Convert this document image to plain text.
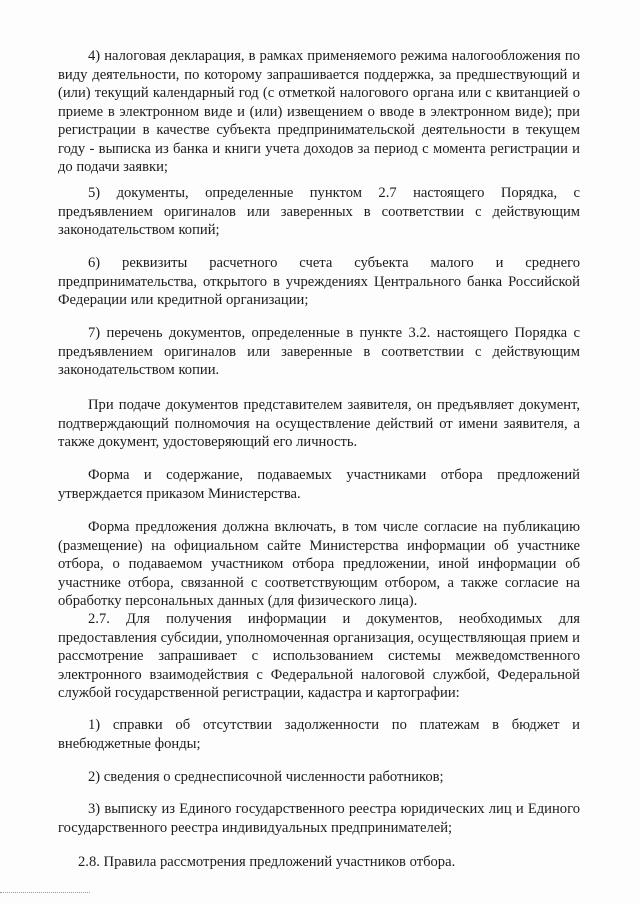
4) налоговая декларация, в рамках применяемого режима налогообложения по виду деятельности, по которому запрашивается поддержка, за предшествующий и (или) текущий календарный год (с отметкой налогового органа или с квитанцией о приеме в электронном виде и (или) извещением о вводе в электронном виде); при регистрации в качестве субъекта предпринимательской деятельности в текущем году - выписка из банка и книги учета доходов за период с момента регистрации и до подачи заявки;

5) документы, определенные пунктом 2.7 настоящего Порядка, с предъявлением оригиналов или заверенных в соответствии с действующим законодательством копий;

6) реквизиты расчетного счета субъекта малого и среднего предпринимательства, открытого в учреждениях Центрального банка Российской Федерации или кредитной организации;

7) перечень документов, определенные в пункте 3.2. настоящего Порядка с предъявлением оригиналов или заверенные в соответствии с действующим законодательством копии.

При подаче документов представителем заявителя, он предъявляет документ, подтверждающий полномочия на осуществление действий от имени заявителя, а также документ, удостоверяющий его личность.

Форма и содержание, подаваемых участниками отбора предложений утверждается приказом Министерства.

Форма предложения должна включать, в том числе согласие на публикацию (размещение) на официальном сайте Министерства информации об участнике отбора, о подаваемом участником отбора предложении, иной информации об участнике отбора, связанной с соответствующим отбором, а также согласие на обработку персональных данных (для физического лица).

2.7. Для получения информации и документов, необходимых для предоставления субсидии, уполномоченная организация, осуществляющая прием и рассмотрение запрашивает с использованием системы межведомственного электронного взаимодействия с Федеральной налоговой службой, Федеральной службой государственной регистрации, кадастра и картографии:

1) справки об отсутствии задолженности по платежам в бюджет и внебюджетные фонды;

2) сведения о среднесписочной численности работников;

3) выписку из Единого государственного реестра юридических лиц и Единого государственного реестра индивидуальных предпринимателей;

2.8. Правила рассмотрения предложений участников отбора.
